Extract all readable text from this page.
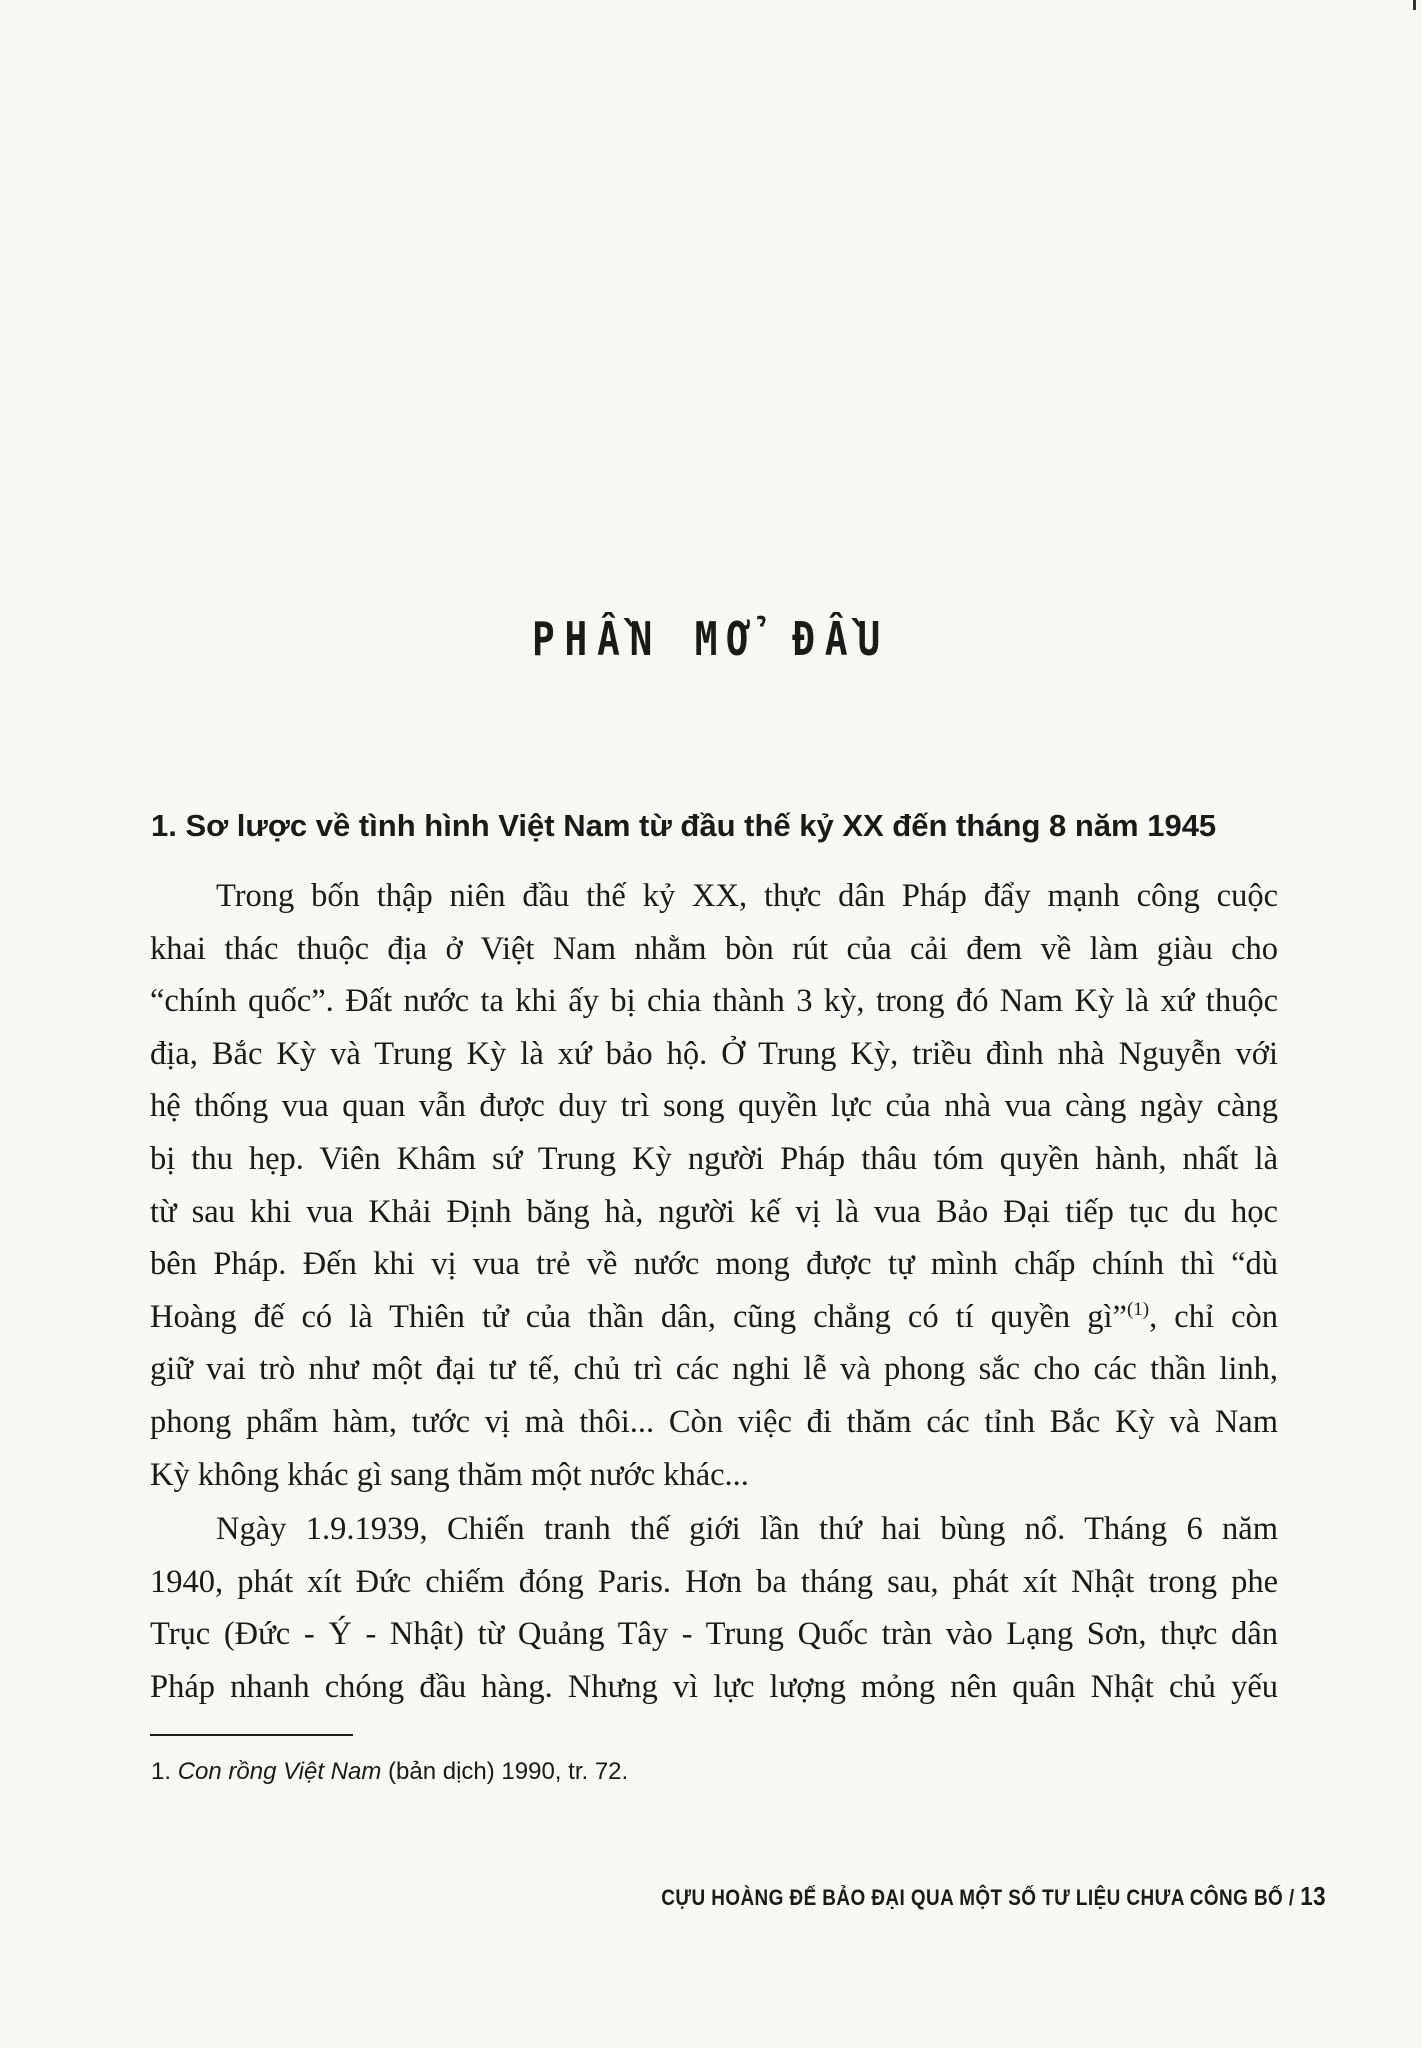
PHẦN MỞ ĐẦU
1. Sơ lược về tình hình Việt Nam từ đầu thế kỷ XX đến tháng 8 năm 1945
Trong bốn thập niên đầu thế kỷ XX, thực dân Pháp đẩy mạnh công cuộc
khai thác thuộc địa ở Việt Nam nhằm bòn rút của cải đem về làm giàu cho
“chính quốc”. Đất nước ta khi ấy bị chia thành 3 kỳ, trong đó Nam Kỳ là xứ thuộc
địa, Bắc Kỳ và Trung Kỳ là xứ bảo hộ. Ở Trung Kỳ, triều đình nhà Nguyễn với
hệ thống vua quan vẫn được duy trì song quyền lực của nhà vua càng ngày càng
bị thu hẹp. Viên Khâm sứ Trung Kỳ người Pháp thâu tóm quyền hành, nhất là
từ sau khi vua Khải Định băng hà, người kế vị là vua Bảo Đại tiếp tục du học
bên Pháp. Đến khi vị vua trẻ về nước mong được tự mình chấp chính thì “dù
Hoàng đế có là Thiên tử của thần dân, cũng chẳng có tí quyền gì”$^{(1)}$, chỉ còn
giữ vai trò như một đại tư tế, chủ trì các nghi lễ và phong sắc cho các thần linh,
phong phẩm hàm, tước vị mà thôi... Còn việc đi thăm các tỉnh Bắc Kỳ và Nam
Kỳ không khác gì sang thăm một nước khác...
Ngày 1.9.1939, Chiến tranh thế giới lần thứ hai bùng nổ. Tháng 6 năm
1940, phát xít Đức chiếm đóng Paris. Hơn ba tháng sau, phát xít Nhật trong phe
Trục (Đức - Ý - Nhật) từ Quảng Tây - Trung Quốc tràn vào Lạng Sơn, thực dân
Pháp nhanh chóng đầu hàng. Nhưng vì lực lượng mỏng nên quân Nhật chủ yếu

1. Con rồng Việt Nam (bản dịch) 1990, tr. 72.

CỰU HOÀNG ĐẾ BẢO ĐẠI QUA MỘT SỐ TƯ LIỆU CHƯA CÔNG BỐ / 13
